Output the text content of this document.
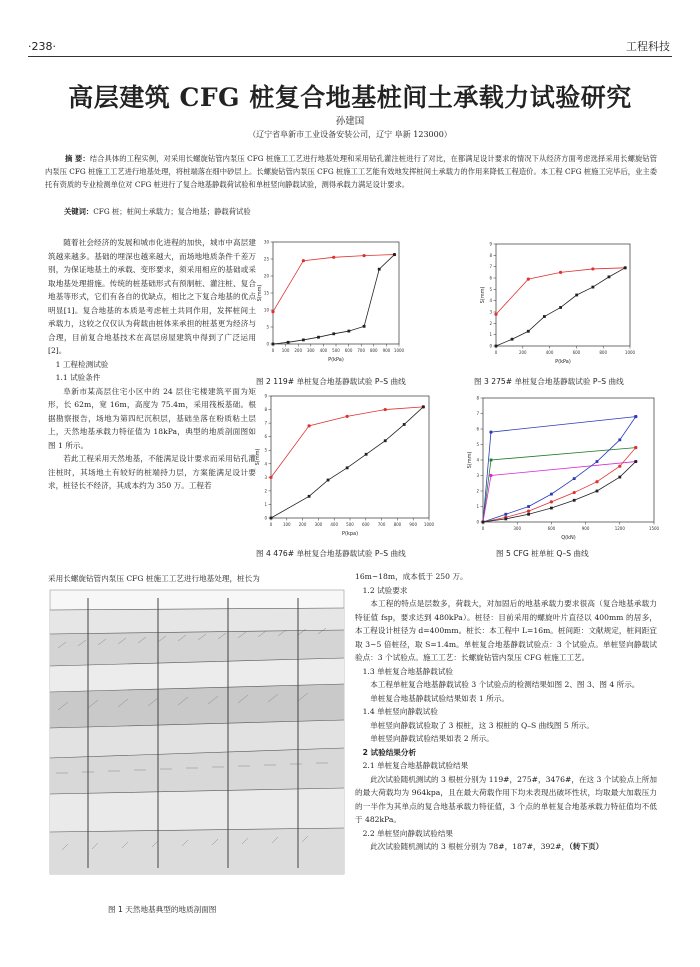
·238·	工程科技
高层建筑 CFG 桩复合地基桩间土承载力试验研究
孙建国
（辽宁省阜新市工业设备安装公司，辽宁 阜新 123000）
摘 要：结合具体的工程实例，对采用长螺旋钻管内泵压 CFG 桩施工工艺进行地基处理和采用钻孔灌注桩进行了对比，在都满足设计要求的情况下从经济方面考虑选择采用长螺旋钻管内泵压 CFG 桩施工工艺进行地基处理，将桩端落在细中砂层上。长螺旋钻管内泵压 CFG 桩施工工艺能有效地发挥桩间土承载力的作用来降低工程造价。本工程 CFG 桩施工完毕后，业主委托有资质的专业检测单位对 CFG 桩进行了复合地基静载荷试验和单桩竖向静载试验，测得承载力满足设计要求。
关键词：CFG 桩；桩间土承载力；复合地基；静载荷试验

随着社会经济的发展和城市化进程的加快，城市中高层建筑越来越多。基础的埋深也越来越大，而场地地质条件千差万别，为保证地基土的承载、变形要求，须采用相应的基础或采取地基处理措施。传统的桩基础形式有预制桩、灌注桩、复合地基等形式，它们有各自的优缺点，相比之下复合地基的优点明显[1]。复合地基的本质是考虑桩土共同作用，发挥桩间土承载力，这较之仅仅认为荷载由桩体来承担的桩基更为经济与合理，目前复合地基技术在高层房屋建筑中得到了广泛运用[2]。

1 工程检测试验

1.1 试验条件

阜新市某高层住宅小区中的 24 层住宅楼建筑平面为矩形，长 62m，宽 16m，高度为 75.4m，采用筏板基础。根据勘察报告，场地为第四纪沉积层，基础坐落在粉质粘土层上，天然地基承载力特征值为 18kPa，典型的地质剖面图如图 1 所示。

若此工程采用天然地基，不能满足设计要求而采用钻孔灌注桩时，其场地土有较好的桩端持力层，方案能满足设计要求，桩径长不经济，其成本约为 350 万。工程若

采用长螺旋钻管内泵压 CFG 桩施工工艺进行地基处理，桩长为
0 100 200 300 400 500 600 700 800 900 1000
0
5
10
15
20
25
30
P(kPa)
S(mm)
图 2 119# 单桩复合地基静载试验 P–S 曲线
0	200	400	600	800	1000
0
1
2
3
4
5
6
7
8
9
P(kPa)
S(mm)
图 3 275# 单桩复合地基静载试验 P–S 曲线
0	100 200 300 400 500 600 700 800 900 1000
0
1
2
3
4
5
6
7
8
9
P(kpa)
S(mm)
图 4 476# 单桩复合地基静载试验 P–S 曲线
0	300	600	900	1200	1500
0
1
2
3
4
5
6
7
8
Q(kN)
S(mm)
图 5 CFG 桩单桩 Q–S 曲线
图 1 天然地基典型的地质剖面图

16m~18m，成本低于 250 万。

1.2 试验要求

本工程的特点是层数多，荷载大，对加固后的地基承载力要求很高（复合地基承载力特征值 fsp，要求达到 480kPa）。桩径：目前采用的螺旋叶片直径以 400mm 的居多，本工程设计桩径为 d=400mm。桩长：本工程中 L=16m。桩间距：文献规定，桩间距宜取 3~5 倍桩径，取 S=1.4m。单桩复合地基静载试验点：3 个试验点。单桩竖向静载试验点：3 个试验点。施工工艺：长螺旋钻管内泵压 CFG 桩施工工艺。

1.3 单桩复合地基静载试验

本工程单桩复合地基静载试验 3 个试验点的检测结果如图 2、图 3、图 4 所示。

单桩复合地基静载试验结果如表 1 所示。

1.4 单桩竖向静载试验

单桩竖向静载试验取了 3 根桩，这 3 根桩的 Q–S 曲线图 5 所示。

单桩竖向静载试验结果如表 2 所示。

2 试验结果分析

2.1 单桩复合地基静载试验结果

此次试验随机测试的 3 根桩分别为 119#，275#，3476#，在这 3 个试验点上所加的最大荷载均为 964kpa，且在最大荷载作用下均未表现出破坏性状，均取最大加载压力的一半作为其单点的复合地基承载力特征值，3 个点的单桩复合地基承载力特征值均不低于 482kPa。

2.2 单桩竖向静载试验结果

此次试验随机测试的 3 根桩分别为 78#，187#，392#，（转下页）
